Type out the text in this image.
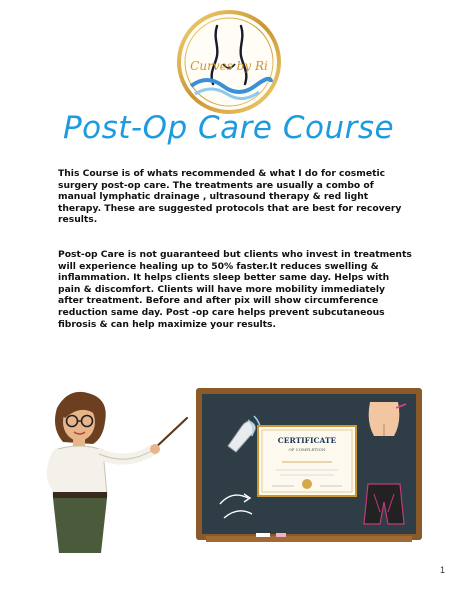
Curves by Ri
Post-Op Care Course

This Course is of whats recommended & what I do for cosmetic
surgery post-op care. The treatments are usually a combo of
manual lymphatic drainage , ultrasound therapy & red light
therapy. These are suggested protocols that are best for recovery
results.

Post-op Care is not guaranteed but clients who invest in treatments
will experience healing up to 50% faster.It reduces swelling &
inflammation. It helps clients sleep better same day. Helps with
pain & discomfort. Clients will have more mobility immediately
after treatment. Before and after pix will show circumference
reduction same day. Post -op care helps prevent subcutaneous
fibrosis & can help maximize your results.

CERTIFICATE
OF COMPLETION
1
